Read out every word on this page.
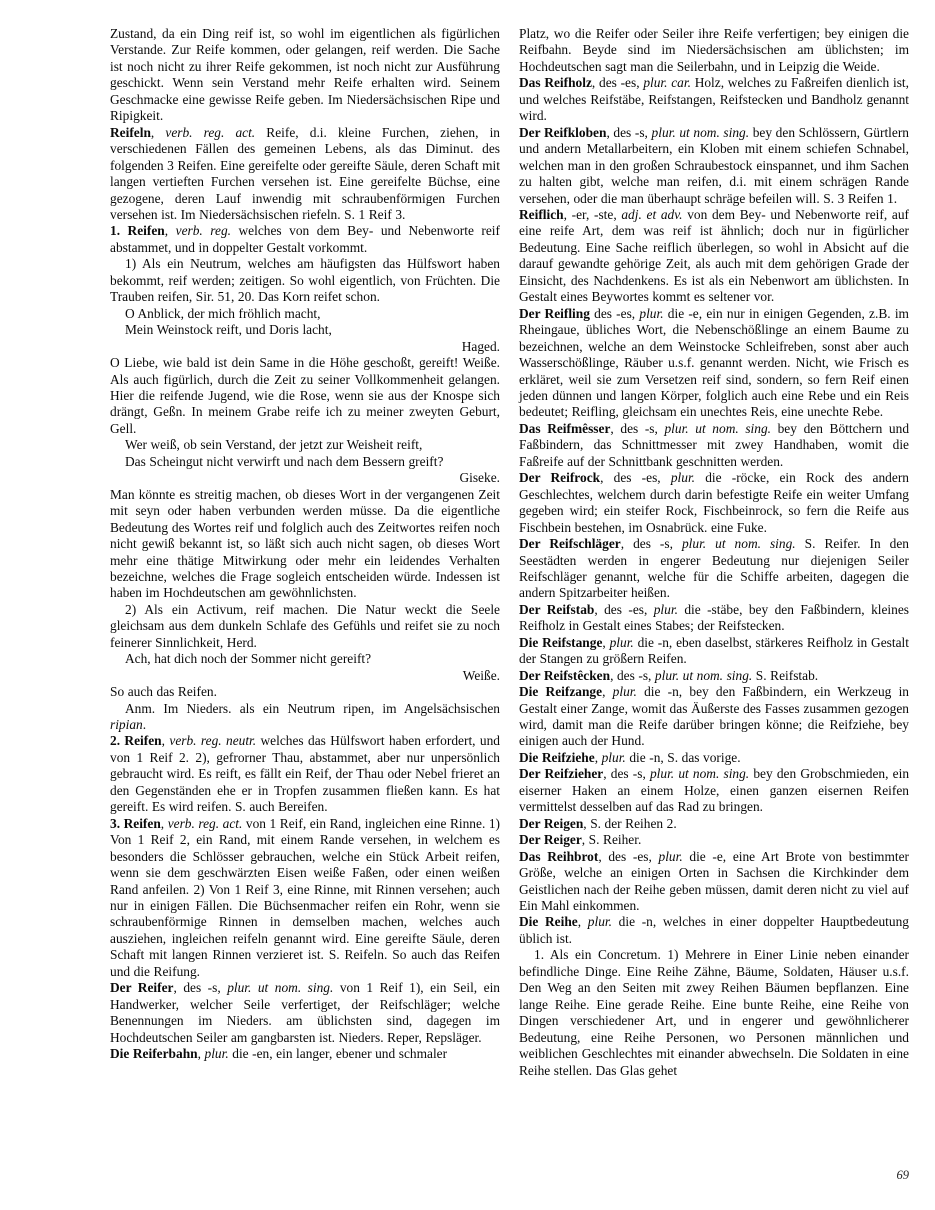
Zustand, da ein Ding reif ist, so wohl im eigentlichen als figürlichen Verstande. Zur Reife kommen, oder gelangen, reif werden. Die Sache ist noch nicht zu ihrer Reife gekommen, ist noch nicht zur Ausführung geschickt. Wenn sein Verstand mehr Reife erhalten wird. Seinem Geschmacke eine gewisse Reife geben. Im Niedersächsischen Ripe und Ripigkeit.

Reifeln, verb. reg. act. Reife, d.i. kleine Furchen, ziehen, in verschiedenen Fällen des gemeinen Lebens, als das Diminut. des folgenden 3 Reifen. Eine gereifelte oder gereifte Säule, deren Schaft mit langen vertieften Furchen versehen ist. Eine gereifelte Büchse, eine gezogene, deren Lauf inwendig mit schraubenförmigen Furchen versehen ist. Im Niedersächsischen riefeln. S. 1 Reif 3.

1. Reifen, verb. reg. welches von dem Bey- und Nebenworte reif abstammet, und in doppelter Gestalt vorkommt.

1) Als ein Neutrum, welches am häufigsten das Hülfswort haben bekommt, reif werden; zeitigen. So wohl eigentlich, von Früchten. Die Trauben reifen, Sir. 51, 20. Das Korn reifet schon.

O Anblick, der mich fröhlich macht,

Mein Weinstock reift, und Doris lacht,

Haged.

O Liebe, wie bald ist dein Same in die Höhe geschoßt, gereift! Weiße. Als auch figürlich, durch die Zeit zu seiner Vollkommenheit gelangen. Hier die reifende Jugend, wie die Rose, wenn sie aus der Knospe sich drängt, Geßn. In meinem Grabe reife ich zu meiner zweyten Geburt, Gell.

Wer weiß, ob sein Verstand, der jetzt zur Weisheit reift,

Das Scheingut nicht verwirft und nach dem Bessern greift?

Giseke.

Man könnte es streitig machen, ob dieses Wort in der vergangenen Zeit mit seyn oder haben verbunden werden müsse. Da die eigentliche Bedeutung des Wortes reif und folglich auch des Zeitwortes reifen noch nicht gewiß bekannt ist, so läßt sich auch nicht sagen, ob dieses Wort mehr eine thätige Mitwirkung oder mehr ein leidendes Verhalten bezeichne, welches die Frage sogleich entscheiden würde. Indessen ist haben im Hochdeutschen am gewöhnlichsten.

2) Als ein Activum, reif machen. Die Natur weckt die Seele gleichsam aus dem dunkeln Schlafe des Gefühls und reifet sie zu noch feinerer Sinnlichkeit, Herd.

Ach, hat dich noch der Sommer nicht gereift?

Weiße.

So auch das Reifen.

Anm. Im Nieders. als ein Neutrum ripen, im Angelsächsischen ripian.

2. Reifen, verb. reg. neutr. welches das Hülfswort haben erfordert, und von 1 Reif 2. 2), gefrorner Thau, abstammet, aber nur unpersönlich gebraucht wird. Es reift, es fällt ein Reif, der Thau oder Nebel frieret an den Gegenständen ehe er in Tropfen zusammen fließen kann. Es hat gereift. Es wird reifen. S. auch Bereifen.

3. Reifen, verb. reg. act. von 1 Reif, ein Rand, ingleichen eine Rinne. 1) Von 1 Reif 2, ein Rand, mit einem Rande versehen, in welchem es besonders die Schlösser gebrauchen, welche ein Stück Arbeit reifen, wenn sie dem geschwärzten Eisen weiße Faßen, oder einen weißen Rand anfeilen. 2) Von 1 Reif 3, eine Rinne, mit Rinnen versehen; auch nur in einigen Fällen. Die Büchsenmacher reifen ein Rohr, wenn sie schraubenförmige Rinnen in demselben machen, welches auch ausziehen, ingleichen reifeln genannt wird. Eine gereifte Säule, deren Schaft mit langen Rinnen verzieret ist. S. Reifeln. So auch das Reifen und die Reifung.

Der Reifer, des -s, plur. ut nom. sing. von 1 Reif 1), ein Seil, ein Handwerker, welcher Seile verfertiget, der Reifschläger; welche Benennungen im Nieders. am üblichsten sind, dagegen im Hochdeutschen Seiler am gangbarsten ist. Nieders. Reper, Repsläger.

Die Reiferbahn, plur. die -en, ein langer, ebener und schmaler

Platz, wo die Reifer oder Seiler ihre Reife verfertigen; bey einigen die Reifbahn. Beyde sind im Niedersächsischen am üblichsten; im Hochdeutschen sagt man die Seilerbahn, und in Leipzig die Weide.

Das Reifholz, des -es, plur. car. Holz, welches zu Faßreifen dienlich ist, und welches Reifstäbe, Reifstangen, Reifstecken und Bandholz genannt wird.

Der Reifkloben, des -s, plur. ut nom. sing. bey den Schlössern, Gürtlern und andern Metallarbeitern, ein Kloben mit einem schiefen Schnabel, welchen man in den großen Schraubestock einspannet, und ihm Sachen zu halten gibt, welche man reifen, d.i. mit einem schrägen Rande versehen, oder die man überhaupt schräge befeilen will. S. 3 Reifen 1.

Reiflich, -er, -ste, adj. et adv. von dem Bey- und Nebenworte reif, auf eine reife Art, dem was reif ist ähnlich; doch nur in figürlicher Bedeutung. Eine Sache reiflich überlegen, so wohl in Absicht auf die darauf gewandte gehörige Zeit, als auch mit dem gehörigen Grade der Einsicht, des Nachdenkens. Es ist als ein Nebenwort am üblichsten. In Gestalt eines Beywortes kommt es seltener vor.

Der Reifling des -es, plur. die -e, ein nur in einigen Gegenden, z.B. im Rheingaue, übliches Wort, die Nebenschößlinge an einem Baume zu bezeichnen, welche an dem Weinstocke Schleifreben, sonst aber auch Wasserschößlinge, Räuber u.s.f. genannt werden. Nicht, wie Frisch es erkläret, weil sie zum Versetzen reif sind, sondern, so fern Reif einen jeden dünnen und langen Körper, folglich auch eine Rebe und ein Reis bedeutet; Reifling, gleichsam ein unechtes Reis, eine unechte Rebe.

Das Reifmêsser, des -s, plur. ut nom. sing. bey den Böttchern und Faßbindern, das Schnittmesser mit zwey Handhaben, womit die Faßreife auf der Schnittbank geschnitten werden.

Der Reifrock, des -es, plur. die -röcke, ein Rock des andern Geschlechtes, welchem durch darin befestigte Reife ein weiter Umfang gegeben wird; ein steifer Rock, Fischbeinrock, so fern die Reife aus Fischbein bestehen, im Osnabrück. eine Fuke.

Der Reifschläger, des -s, plur. ut nom. sing. S. Reifer. In den Seestädten werden in engerer Bedeutung nur diejenigen Seiler Reifschläger genannt, welche für die Schiffe arbeiten, dagegen die andern Spitzarbeiter heißen.

Der Reifstab, des -es, plur. die -stäbe, bey den Faßbindern, kleines Reifholz in Gestalt eines Stabes; der Reifstecken.

Die Reifstange, plur. die -n, eben daselbst, stärkeres Reifholz in Gestalt der Stangen zu größern Reifen.

Der Reifstêcken, des -s, plur. ut nom. sing. S. Reifstab.

Die Reifzange, plur. die -n, bey den Faßbindern, ein Werkzeug in Gestalt einer Zange, womit das Äußerste des Fasses zusammen gezogen wird, damit man die Reife darüber bringen könne; die Reifziehe, bey einigen auch der Hund.

Die Reifziehe, plur. die -n, S. das vorige.

Der Reifzieher, des -s, plur. ut nom. sing. bey den Grobschmieden, ein eiserner Haken an einem Holze, einen ganzen eisernen Reifen vermittelst desselben auf das Rad zu bringen.

Der Reigen, S. der Reihen 2.

Der Reiger, S. Reiher.

Das Reihbrot, des -es, plur. die -e, eine Art Brote von bestimmter Größe, welche an einigen Orten in Sachsen die Kirchkinder dem Geistlichen nach der Reihe geben müssen, damit deren nicht zu viel auf Ein Mahl einkommen.

Die Reihe, plur. die -n, welches in einer doppelter Hauptbedeutung üblich ist.

1. Als ein Concretum. 1) Mehrere in Einer Linie neben einander befindliche Dinge. Eine Reihe Zähne, Bäume, Soldaten, Häuser u.s.f. Den Weg an den Seiten mit zwey Reihen Bäumen bepflanzen. Eine lange Reihe. Eine gerade Reihe. Eine bunte Reihe, eine Reihe von Dingen verschiedener Art, und in engerer und gewöhnlicherer Bedeutung, eine Reihe Personen, wo Personen männlichen und weiblichen Geschlechtes mit einander abwechseln. Die Soldaten in eine Reihe stellen. Das Glas gehet

69
